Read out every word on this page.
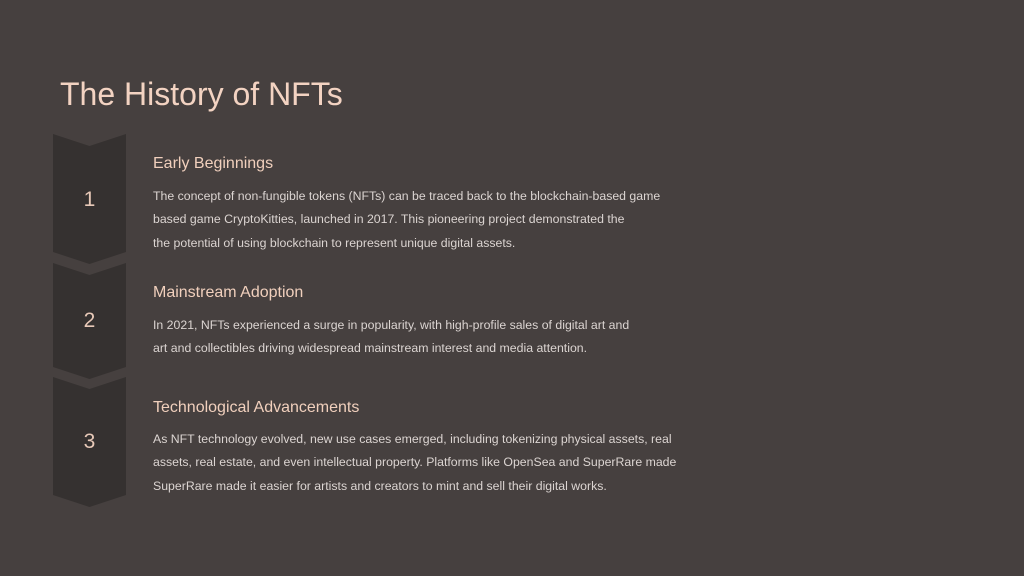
The History of NFTs
1
Early Beginnings

The concept of non-fungible tokens (NFTs) can be traced back to the blockchain-based game
based game CryptoKitties, launched in 2017. This pioneering project demonstrated the
the potential of using blockchain to represent unique digital assets.

2
Mainstream Adoption

In 2021, NFTs experienced a surge in popularity, with high-profile sales of digital art and
art and collectibles driving widespread mainstream interest and media attention.

3
Technological Advancements

As NFT technology evolved, new use cases emerged, including tokenizing physical assets, real
assets, real estate, and even intellectual property. Platforms like OpenSea and SuperRare made
SuperRare made it easier for artists and creators to mint and sell their digital works.
